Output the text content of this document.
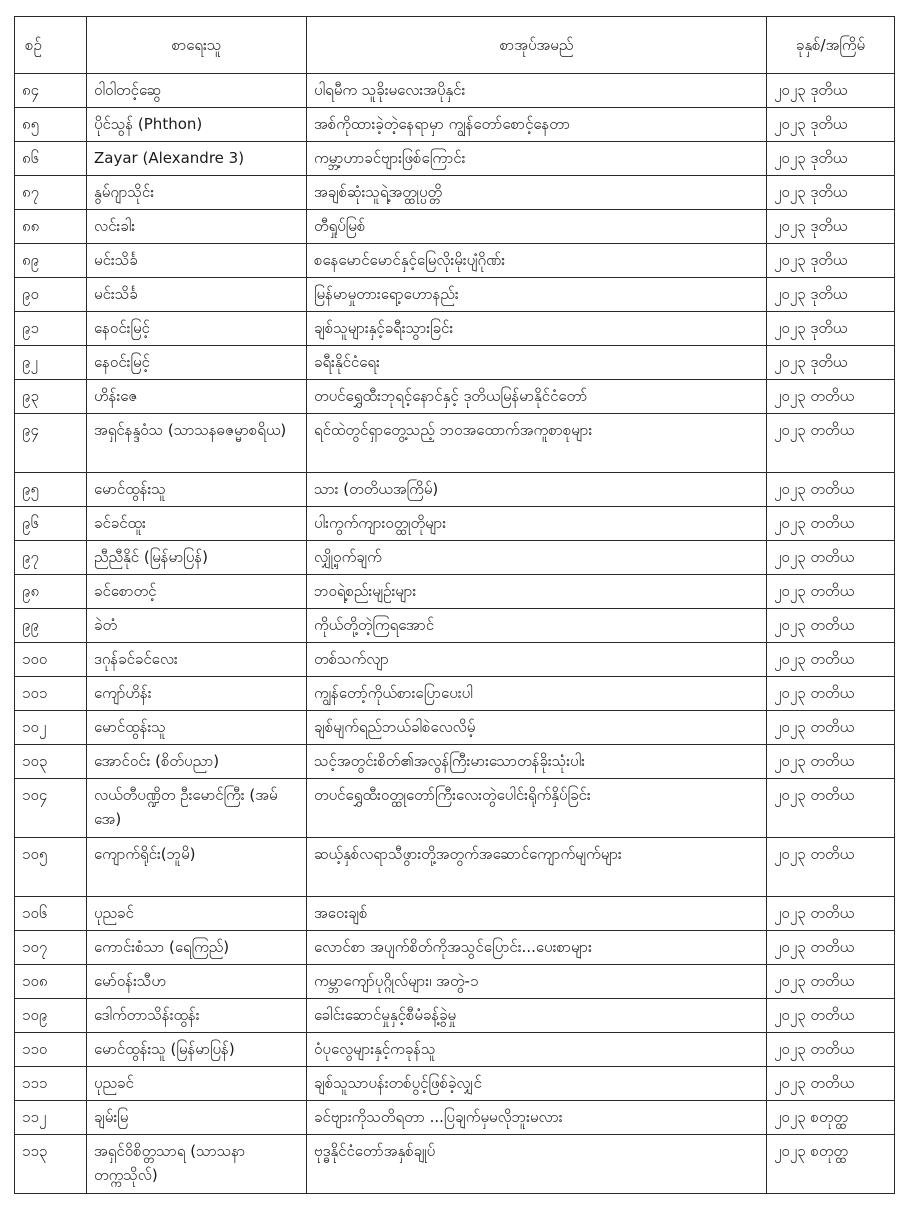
စဉ်	စာရေးသူ	စာအုပ်အမည်	ခုနှစ်/အကြိမ်
၈၄	ဝါဝါတင့်ဆွေ	ပါရမီက သူခိုးမလေးအပိုနှင်း	၂၀၂၃ ဒုတိယ
၈၅	ပိုင်သွန် (Phthon)	အစ်ကိုထားခဲ့တဲ့နေရာမှာ ကျွန်တော်စောင့်နေတာ	၂၀၂၃ ဒုတိယ
၈၆	Zayar (Alexandre 3)	ကမ္ဘာ့ဟာခင်ဗျားဖြစ်ကြောင်း	၂၀၂၃ ဒုတိယ
၈၇	နွမ်ဂျာသိုင်း	အချစ်ဆုံးသူရဲ့အတ္ထုပ္ပတ္တိ	၂၀၂၃ ဒုတိယ
၈၈	လင်းခါး	တီရှုပ်မြစ်	၂၀၂၃ ဒုတိယ
၈၉	မင်းသိင်္ခ	စနေမောင်မောင်နှင့်မြေလိုးမိုးပျံဂိုဏ်း	၂၀၂၃ ဒုတိယ
၉၀	မင်းသိင်္ခ	မြန်မာမှုတားရော့ဟောနည်း	၂၀၂၃ ဒုတိယ
၉၁	နေဝင်းမြင့်	ချစ်သူများနှင့်ခရီးသွားခြင်း	၂၀၂၃ ဒုတိယ
၉၂	နေဝင်းမြင့်	ခရီးနိုင်ငံရေး	၂၀၂၃ ဒုတိယ
၉၃	ဟိန်းဇေ	တပင်ရွှေထီးဘုရင့်နောင်နှင့် ဒုတိယမြန်မာနိုင်ငံတော်	၂၀၂၃ တတိယ
၉၄	အရှင်နန္ဒဝံသ (သာသနဓဇမ္မာစရိယ)	ရင်ထဲတွင်ရှာတွေ့သည့် ဘဝအထောက်အကူစာစုများ	၂၀၂၃ တတိယ
၉၅	မောင်ထွန်းသူ	သား (တတိယအကြိမ်)	၂၀၂၃ တတိယ
၉၆	ခင်ခင်ထူး	ပါးကွက်ကျားဝတ္ထုတိုများ	၂၀၂၃ တတိယ
၉၇	ညီညီနိုင် (မြန်မာပြန်)	လျှို့ဝှက်ချက်	၂၀၂၃ တတိယ
၉၈	ခင်စောတင့်	ဘဝရဲ့စည်းမျဉ်းများ	၂၀၂၃ တတိယ
၉၉	ခဲတံ	ကိုယ်တို့တဲ့ကြရအောင်	၂၀၂၃ တတိယ
၁၀၀	ဒဂုန်ခင်ခင်လေး	တစ်သက်လျာ	၂၀၂၃ တတိယ
၁၀၁	ကျော်ဟိန်း	ကျွန်တော့်ကိုယ်စားပြောပေးပါ	၂၀၂၃ တတိယ
၁၀၂	မောင်ထွန်းသူ	ချစ်မျက်ရည်ဘယ်ခါစဲလေလိမ့်	၂၀၂၃ တတိယ
၁၀၃	အောင်ဝင်း (စိတ်ပညာ)	သင့်အတွင်းစိတ်၏အလွန်ကြီးမားသောတန်ခိုးသုံးပါး	၂၀၂၃ တတိယ
၁၀၄	လယ်တီပဏ္ဍိတ ဦးမောင်ကြီး (အမ်အေ)	တပင်ရွှေထီးဝတ္ထုတော်ကြီးလေးတွဲပေါင်းရိုက်နှိပ်ခြင်း	၂၀၂၃ တတိယ
၁၀၅	ကျောက်ရိုင်း(ဘူမိ)	ဆယ့်နှစ်လရာသီဖွားတို့အတွက်အဆောင်ကျောက်မျက်များ	၂၀၂၃ တတိယ
၁၀၆	ပုညခင်	အဝေးချစ်	၂၀၂၃ တတိယ
၁၀၇	ကောင်းစံသာ (ရေကြည်)	လောင်စာ အပျက်စိတ်ကိုအသွင်ပြောင်း...ပေးစာများ	၂၀၂၃ တတိယ
၁၀၈	မော်ဝန်းသီဟ	ကမ္ဘာကျော်ပုဂ္ဂိုလ်များ၊ အတွဲ-၁	၂၀၂၃ တတိယ
၁၀၉	ဒေါက်တာသိန်းထွန်း	ခေါင်းဆောင်မှုနှင့်စီမံခန့်ခွဲမှု	၂၀၂၃ တတိယ
၁၁၀	မောင်ထွန်းသူ (မြန်မာပြန်)	ဝံပုလွေများနှင့်ကခုန်သူ	၂၀၂၃ တတိယ
၁၁၁	ပုညခင်	ချစ်သူသာပန်းတစ်ပွင့်ဖြစ်ခဲ့လျှင်	၂၀၂၃ တတိယ
၁၁၂	ချမ်းမြ	ခင်ဗျားကိုသတိရတာ ...ပြချက်မှမလိုဘူးမလား	၂၀၂၃ စတုတ္ထ
၁၁၃	အရှင်ဝိစိတ္တသာရ (သာသနာတက္ကသိုလ်)	ဗုဒ္ဓနိုင်ငံတော်အနှစ်ချုပ်	၂၀၂၃ စတုတ္ထ
